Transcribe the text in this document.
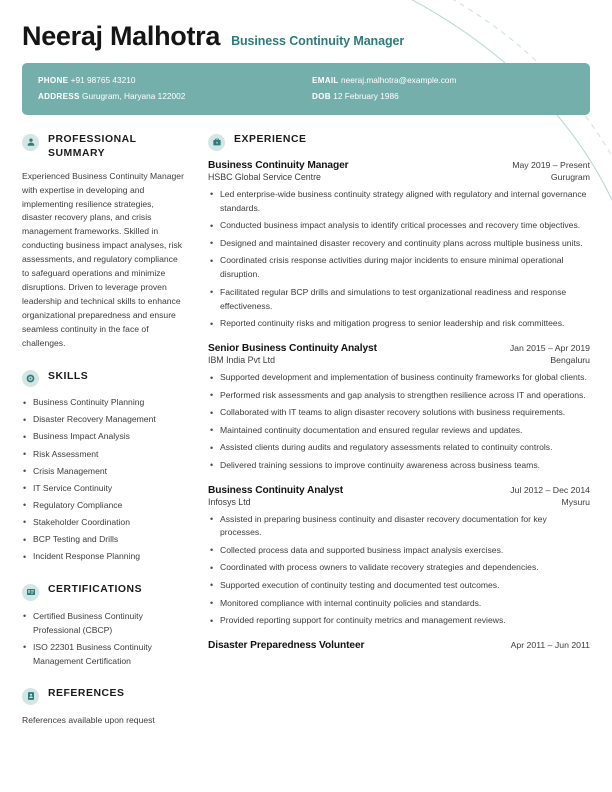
Neeraj Malhotra Business Continuity Manager
PHONE +91 98765 43210
ADDRESS Gurugram, Haryana 122002
EMAIL neeraj.malhotra@example.com
DOB 12 February 1986
PROFESSIONAL SUMMARY
Experienced Business Continuity Manager with expertise in developing and implementing resilience strategies, disaster recovery plans, and crisis management frameworks. Skilled in conducting business impact analyses, risk assessments, and regulatory compliance to safeguard operations and minimize disruptions. Driven to leverage proven leadership and technical skills to enhance organizational preparedness and ensure seamless continuity in the face of challenges.
SKILLS
• Business Continuity Planning
• Disaster Recovery Management
• Business Impact Analysis
• Risk Assessment
• Crisis Management
• IT Service Continuity
• Regulatory Compliance
• Stakeholder Coordination
• BCP Testing and Drills
• Incident Response Planning
CERTIFICATIONS
• Certified Business Continuity Professional (CBCP)
• ISO 22301 Business Continuity Management Certification
REFERENCES
References available upon request
EXPERIENCE
Business Continuity Manager	May 2019 – Present
HSBC Global Service Centre	Gurugram
• Led enterprise-wide business continuity strategy aligned with regulatory and internal governance standards.
• Conducted business impact analysis to identify critical processes and recovery time objectives.
• Designed and maintained disaster recovery and continuity plans across multiple business units.
• Coordinated crisis response activities during major incidents to ensure minimal operational disruption.
• Facilitated regular BCP drills and simulations to test organizational readiness and response effectiveness.
• Reported continuity risks and mitigation progress to senior leadership and risk committees.
Senior Business Continuity Analyst	Jan 2015 – Apr 2019
IBM India Pvt Ltd	Bengaluru
• Supported development and implementation of business continuity frameworks for global clients.
• Performed risk assessments and gap analysis to strengthen resilience across IT and operations.
• Collaborated with IT teams to align disaster recovery solutions with business requirements.
• Maintained continuity documentation and ensured regular reviews and updates.
• Assisted clients during audits and regulatory assessments related to continuity controls.
• Delivered training sessions to improve continuity awareness across business teams.
Business Continuity Analyst	Jul 2012 – Dec 2014
Infosys Ltd	Mysuru
• Assisted in preparing business continuity and disaster recovery documentation for key processes.
• Collected process data and supported business impact analysis exercises.
• Coordinated with process owners to validate recovery strategies and dependencies.
• Supported execution of continuity testing and documented test outcomes.
• Monitored compliance with internal continuity policies and standards.
• Provided reporting support for continuity metrics and management reviews.
Disaster Preparedness Volunteer	Apr 2011 – Jun 2011
